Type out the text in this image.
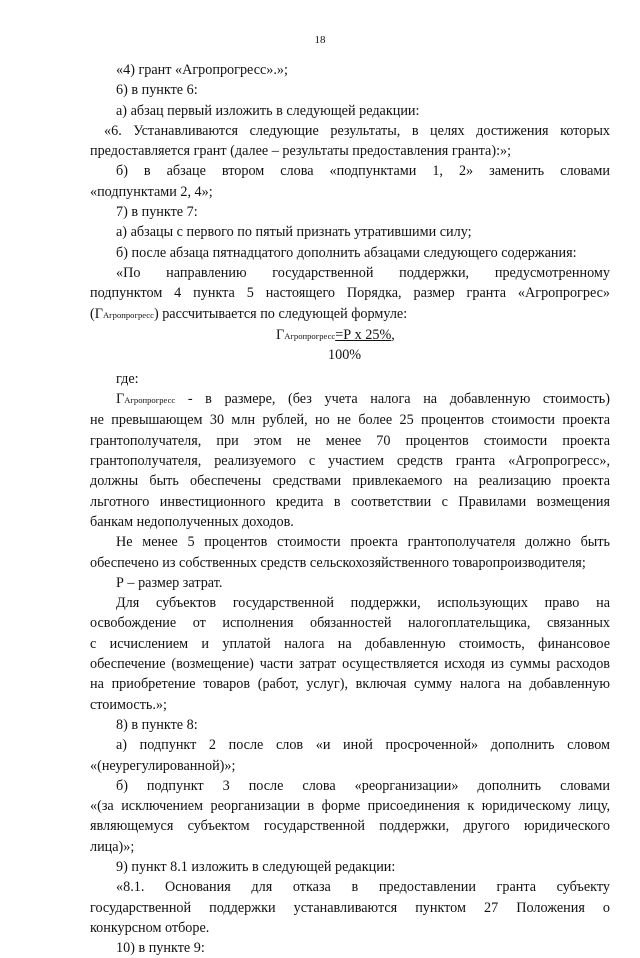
18

«4) грант «Агропрогресс».»;

6) в пункте 6:

а) абзац первый изложить в следующей редакции:

«6. Устанавливаются следующие результаты, в целях достижения которых

предоставляется грант (далее – результаты предоставления гранта):»;

б) в абзаце втором слова «подпунктами 1, 2» заменить словами

«подпунктами 2, 4»;

7) в пункте 7:

а) абзацы с первого по пятый признать утратившими силу;

б) после абзаца пятнадцатого дополнить абзацами следующего содержания:

«По направлению государственной поддержки, предусмотренному

подпунктом 4 пункта 5 настоящего Порядка, размер гранта «Агропрогрес»

(ГАгропрогресс) рассчитывается по следующей формуле:

ГАгропрогресс=Р х 25%,
100%

где:

ГАгропрогресс - в размере, (без учета налога на добавленную стоимость)

не превышающем 30 млн рублей, но не более 25 процентов стоимости проекта

грантополучателя, при этом не менее 70 процентов стоимости проекта

грантополучателя, реализуемого с участием средств гранта «Агропрогресс»,

должны быть обеспечены средствами привлекаемого на реализацию проекта

льготного инвестиционного кредита в соответствии с Правилами возмещения

банкам недополученных доходов.

Не менее 5 процентов стоимости проекта грантополучателя должно быть

обеспечено из собственных средств сельскохозяйственного товаропроизводителя;

Р – размер затрат.

Для субъектов государственной поддержки, использующих право на

освобождение от исполнения обязанностей налогоплательщика, связанных

с исчислением и уплатой налога на добавленную стоимость, финансовое

обеспечение (возмещение) части затрат осуществляется исходя из суммы расходов

на приобретение товаров (работ, услуг), включая сумму налога на добавленную

стоимость.»;

8) в пункте 8:

а) подпункт 2 после слов «и иной просроченной» дополнить словом

«(неурегулированной)»;

б) подпункт 3 после слова «реорганизации» дополнить словами

«(за исключением реорганизации в форме присоединения к юридическому лицу,

являющемуся субъектом государственной поддержки, другого юридического

лица)»;

9) пункт 8.1 изложить в следующей редакции:

«8.1. Основания для отказа в предоставлении гранта субъекту

государственной поддержки устанавливаются пунктом 27 Положения о

конкурсном отборе.

10) в пункте 9:
